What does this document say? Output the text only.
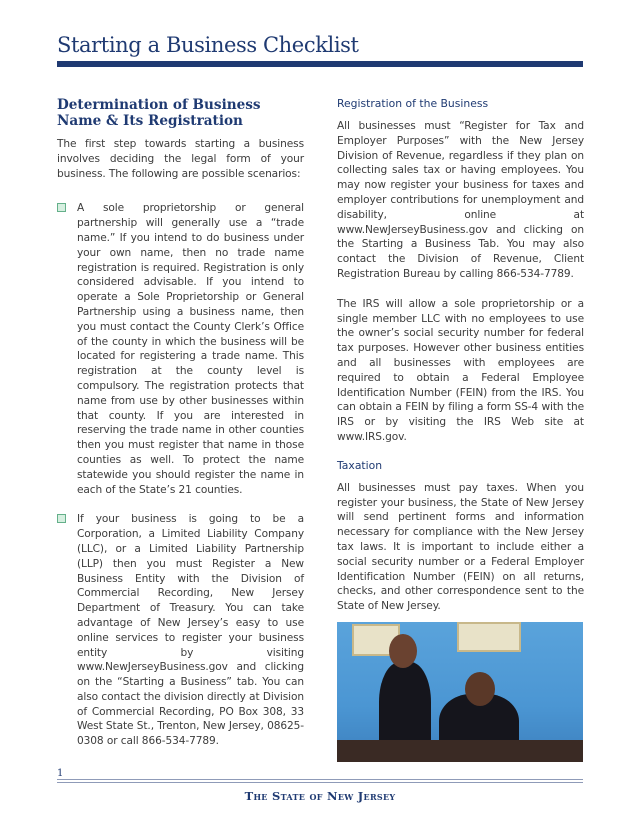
Starting a Business Checklist
Determination of Business Name & Its Registration

The first step towards starting a business involves deciding the legal form of your business. The following are possible scenarios:

A sole proprietorship or general partnership will generally use a “trade name.” If you intend to do business under your own name, then no trade name registration is required. Registration is only considered advisable. If you intend to operate a Sole Proprietorship or General Partnership using a business name, then you must contact the County Clerk’s Office of the county in which the business will be located for registering a trade name. This registration at the county level is compulsory. The registration protects that name from use by other businesses within that county. If you are interested in reserving the trade name in other counties then you must register that name in those counties as well. To protect the name statewide you should register the name in each of the State’s 21 counties.

If your business is going to be a Corporation, a Limited Liability Company (LLC), or a Limited Liability Partnership (LLP) then you must Register a New Business Entity with the Division of Commercial Recording, New Jersey Department of Treasury. You can take advantage of New Jersey’s easy to use online services to register your business entity by visiting www.NewJerseyBusiness.gov and clicking on the “Starting a Business” tab. You can also contact the division directly at Division of Commercial Recording, PO Box 308, 33 West State St., Trenton, New Jersey, 08625-0308 or call 866-534-7789.

Registration of the Business

All businesses must “Register for Tax and Employer Purposes” with the New Jersey Division of Revenue, regardless if they plan on collecting sales tax or having employees. You may now register your business for taxes and employer contributions for unemployment and disability, online at www.NewJerseyBusiness.gov and clicking on the Starting a Business Tab. You may also contact the Division of Revenue, Client Registration Bureau by calling 866-534-7789.

The IRS will allow a sole proprietorship or a single member LLC with no employees to use the owner’s social security number for federal tax purposes. However other business entities and all businesses with employees are required to obtain a Federal Employee Identification Number (FEIN) from the IRS. You can obtain a FEIN by filing a form SS-4 with the IRS or by visiting the IRS Web site at www.IRS.gov.

Taxation

All businesses must pay taxes. When you register your business, the State of New Jersey will send pertinent forms and information necessary for compliance with the New Jersey tax laws. It is important to include either a social security number or a Federal Employer Identification Number (FEIN) on all returns, checks, and other correspondence sent to the State of New Jersey.

1
The State of New Jersey
